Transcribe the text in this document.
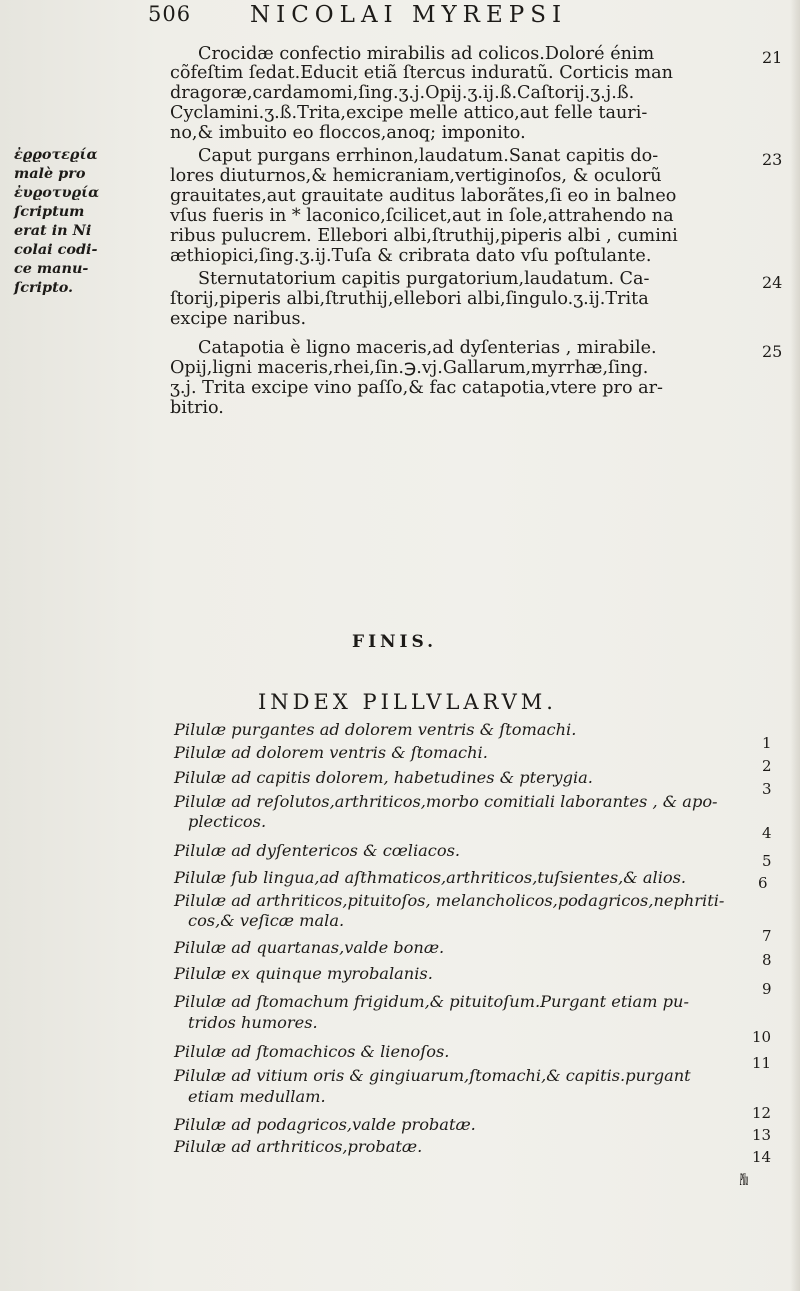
506	NICOLAI MYREPSI
Crocidæ confectio mirabilis ad colicos.Doloré énim
cõfeſtim ſedat.Educit etiã ſtercus induratũ. Corticis man
dragoræ,cardamomi,ſing.ʒ.j.Opij.ʒ.ij.ß.Caſtorij.ʒ.j.ß.
Cyclamini.ʒ.ß.Trita,excipe melle attico,aut felle tauri-
no,& imbuito eo floccos,anoq; imponito.
Caput purgans errhinon,laudatum.Sanat capitis do-
lores diuturnos,& hemicraniam,vertiginoſos, & oculorũ
grauitates,aut grauitate auditus laborãtes,ſi eo in balneo
vſus fueris in * laconico,ſcilicet,aut in ſole,attrahendo na
ribus pulucrem. Ellebori albi,ſtruthij,piperis albi , cumini
æthiopici,ſing.ʒ.ij.Tuſa & cribrata dato vſu poſtulante.
Sternutatorium capitis purgatorium,laudatum. Ca-
ſtorij,piperis albi,ſtruthij,ellebori albi,ſingulo.ʒ.ij.Trita
excipe naribus.
Catapotia è ligno maceris,ad dyſenterias , mirabile.
Opij,ligni maceris,rhei,ſin.℈.vj.Gallarum,myrrhæ,ſing.
ʒ.j. Trita excipe vino paſſo,& fac catapotia,vtere pro ar-
bitrio.
21
23
24
25
ἐϱϱοτεϱία
malè pro
ἐυϱοτυϱία
ſcriptum
erat in Ni
colai codi-
ce manu-
ſcripto.
FINIS.
INDEX PILLVLARVM.
Pilulæ purgantes ad dolorem ventris & ſtomachi.
Pilulæ ad dolorem ventris & ſtomachi.
Pilulæ ad capitis dolorem, habetudines & pterygia.
Pilulæ ad reſolutos,arthriticos,morbo comitiali laborantes , & apo-
plecticos.
Pilulæ ad dyſentericos & cœliacos.
Pilulæ ſub lingua,ad aſthmaticos,arthriticos,tuſsientes,& alios.
Pilulæ ad arthriticos,pituitoſos, melancholicos,podagricos,nephriti-
cos,& veſicæ mala.
Pilulæ ad quartanas,valde bonæ.
Pilulæ ex quinque myrobalanis.
Pilulæ ad ſtomachum frigidum,& pituitoſum.Purgant etiam pu-
tridos humores.
Pilulæ ad ſtomachicos & lienoſos.
Pilulæ ad vitium oris & gingiuarum,ſtomachi,& capitis.purgant
etiam medullam.
Pilulæ ad podagricos,valde probatæ.
Pilulæ ad arthriticos,probatæ.
1
2
3
4
5
6
7
8
9
10
11
12
13
14
Pilu
